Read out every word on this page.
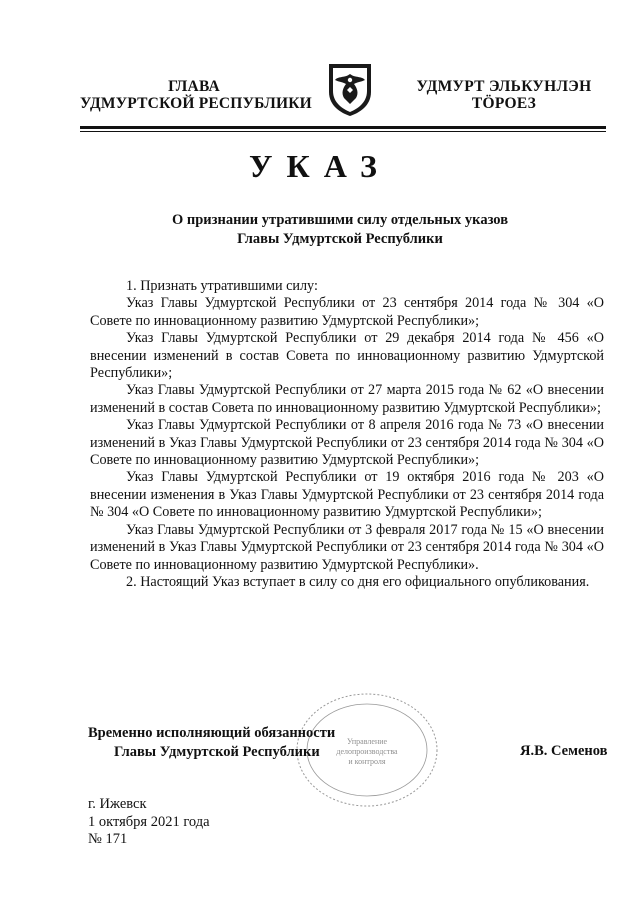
ГЛАВА
УДМУРТСКОЙ РЕСПУБЛИКИ
УДМУРТ ЭЛЬКУНЛЭН
ТӦРОЕЗ
УКАЗ
О признании утратившими силу отдельных указов
Главы Удмуртской Республики

1. Признать утратившими силу:

Указ Главы Удмуртской Республики от 23 сентября 2014 года № 304 «О Совете по инновационному развитию Удмуртской Республики»;

Указ Главы Удмуртской Республики от 29 декабря 2014 года № 456 «О внесении изменений в состав Совета по инновационному развитию Удмуртской Республики»;

Указ Главы Удмуртской Республики от 27 марта 2015 года № 62 «О внесении изменений в состав Совета по инновационному развитию Удмуртской Республики»;

Указ Главы Удмуртской Республики от 8 апреля 2016 года № 73 «О внесении изменений в Указ Главы Удмуртской Республики от 23 сентября 2014 года № 304 «О Совете по инновационному развитию Удмуртской Республики»;

Указ Главы Удмуртской Республики от 19 октября 2016 года № 203 «О внесении изменения в Указ Главы Удмуртской Республики от 23 сентября 2014 года № 304 «О Совете по инновационному развитию Удмуртской Республики»;

Указ Главы Удмуртской Республики от 3 февраля 2017 года № 15 «О внесении изменений в Указ Главы Удмуртской Республики от 23 сентября 2014 года № 304 «О Совете по инновационному развитию Удмуртской Республики».

2. Настоящий Указ вступает в силу со дня его официального опубликования.

Управление
делопроизводства
и контроля
Временно исполняющий обязанности
Главы Удмуртской Республики	Я.В. Семенов
г. Ижевск
1 октября 2021 года
№ 171
